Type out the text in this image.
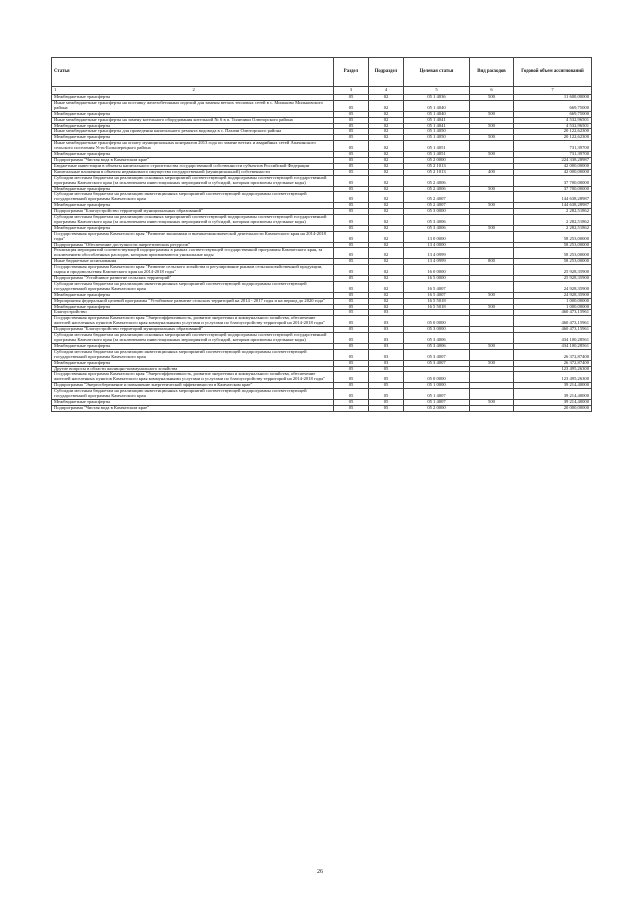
Статья	Раздел	Подраздел	Целевая статья	Вид расходов	Годовой объем ассигнований

1 2	3	4	5	6	7
Межбюджетные трансферты	05	02	05 1 4036	500	11 600,00000
Иные межбюджетные трансферты на поставку железобетонных изделий для замены ветхих тепловых сетей в с. Мильково Мильковского района	05	02	05 1 4040		669,75000
Межбюджетные трансферты	05	02	05 1 4040	500	669,75000
Иные межбюджетные трансферты на замену котельного оборудования котельной № 6 в п. Тиличики Олюторского района	05	02	05 1 4041		4 532,96501
Межбюджетные трансферты	05	02	05 1 4041	500	4 532,96501
Иные межбюджетные трансферты для проведения капитального ремонта водовода в с. Пахачи Олюторского района	05	02	05 1 4050		20 122,62300
Межбюджетные трансферты	05	02	05 1 4050	500	20 122,62300
Иные межбюджетные трансферты на оплату муниципальных контрактов 2013 года по замене ветхих и аварийных сетей Апачинского сельского поселения Усть-Большерецкого района	05	02	05 1 4051		731,39700
Межбюджетные трансферты	05	02	05 1 4051	500	731,39700
Подпрограмма "Чистая вода в Камчатском крае"	05	02	05 2 0000		224 338,28987
Бюджетные инвестиции в объекты капитального строительства государственной собственности субъектов Российской Федерации	05	02	05 2 1013		42 000,00000
Капитальные вложения в объекты недвижимого имущества государственной (муниципальной) собственности	05	02	05 2 1013	400	42 000,00000
Субсидии местным бюджетам на реализацию основных мероприятий соответствующей подпрограммы соответствующей государственной программы Камчатского края (за исключением инвестиционных мероприятий и субсидий, которым присвоены отдельные коды)	05	02	05 2 4006		37 700,00000
Межбюджетные трансферты	05	02	05 2 4006	500	37 700,00000
Субсидии местным бюджетам на реализацию инвестиционных мероприятий соответствующей подпрограммы соответствующей государственной программы Камчатского края	05	02	05 2 4007		144 638,28987
Межбюджетные трансферты	05	02	05 2 4007	500	144 638,28987
Подпрограмма "Благоустройство территорий муниципальных образований"	05	02	05 3 0000		2 282,51862
Субсидии местным бюджетам на реализацию основных мероприятий соответствующей подпрограммы соответствующей государственной программы Камчатского края (за исключением инвестиционных мероприятий и субсидий, которым присвоены отдельные коды)	05	02	05 3 4006		2 282,51862
Межбюджетные трансферты	05	02	05 3 4006	500	2 282,51862
Государственная программа Камчатского края "Развитие экономики и внешнеэкономической деятельности Камчатского края на 2014-2018 годы"	05	02	13 0 0000		58 253,00000
Подпрограмма "Обеспечение доступности энергетических ресурсов"	05	02	13 4 0000		58 253,00000
Реализация мероприятий соответствующей подпрограммы в рамках соответствующей государственной программы Камчатского края, за исключением обособленных расходов, которым присваиваются уникальные коды	05	02	13 4 0999		58 253,00000
Иные бюджетные ассигнования	05	02	13 4 0999	800	58 253,00000
Государственная программа Камчатского края "Развитие сельского хозяйства и регулирование рынков сельскохозяйственной продукции, сырья и продовольствия Камчатского края на 2014-2018 годы"	05	02	16 0 0000		25 928,35900
Подпрограмма "Устойчивое развитие сельских территорий"	05	02	16 5 0000		25 928,35900
Субсидии местным бюджетам на реализацию инвестиционных мероприятий соответствующей подпрограммы соответствующей государственной программы Камчатского края	05	02	16 5 4007		24 928,35900
Межбюджетные трансферты	05	02	16 5 4007	500	24 928,35900
Мероприятия федеральной целевой программы "Устойчивое развитие сельских территорий на 2014 - 2017 годы и на период до 2020 года"	05	02	16 5 5018		1 000,00000
Межбюджетные трансферты	05	02	16 5 5018	500	1 000,00000
Благоустройство	05	03			460 473,15961
Государственная программа Камчатского края "Энергоэффективность, развитие энергетики и коммунального хозяйства, обеспечение жителей населенных пунктов Камчатского края коммунальными услугами и услугами по благоустройству территорий на 2014-2018 годы"	05	03	05 0 0000		460 473,15961
Подпрограмма "Благоустройство территорий муниципальных образований"	05	03	05 3 0000		460 473,15961
Субсидии местным бюджетам на реализацию основных мероприятий соответствующей подпрограммы соответствующей государственной программы Камчатского края (за исключением инвестиционных мероприятий и субсидий, которым присвоены отдельные коды)	05	03	05 3 4006		434 100,28561
Межбюджетные трансферты	05	03	05 3 4006	500	434 100,28561
Субсидии местным бюджетам на реализацию инвестиционных мероприятий соответствующей подпрограммы соответствующей государственной программы Камчатского края	05	03	05 3 4007		26 372,87400
Межбюджетные трансферты	05	03	05 3 4007	500	26 372,87400
Другие вопросы в области жилищно-коммунального хозяйства	05	05			123 495,26300
Государственная программа Камчатского края "Энергоэффективность, развитие энергетики и коммунального хозяйства, обеспечение жителей населенных пунктов Камчатского края коммунальными услугами и услугами по благоустройству территорий на 2014-2018 годы"	05	05	05 0 0000		123 495,26300
Подпрограмма "Энергосбережение и повышение энергетической эффективности в Камчатском крае"	05	05	05 1 0000		39 214,40000
Субсидии местным бюджетам на реализацию инвестиционных мероприятий соответствующей подпрограммы соответствующей государственной программы Камчатского края	05	05	05 1 4007		39 214,40000
Межбюджетные трансферты	05	05	05 1 4007	500	39 214,40000
Подпрограмма "Чистая вода в Камчатском крае"	05	05	05 2 0000		20 000,00000
26
